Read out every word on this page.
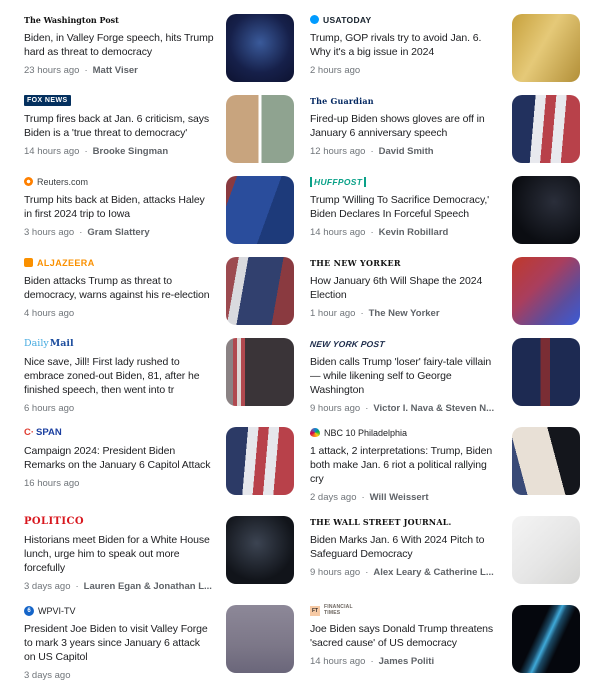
The Washington Post
Biden, in Valley Forge speech, hits Trump hard as threat to democracy
23 hours ago · Matt Viser
USATODAY
Trump, GOP rivals try to avoid Jan. 6. Why it's a big issue in 2024
2 hours ago
FOX NEWS
Trump fires back at Jan. 6 criticism, says Biden is a 'true threat to democracy'
14 hours ago · Brooke Singman
The Guardian
Fired-up Biden shows gloves are off in January 6 anniversary speech
12 hours ago · David Smith
Reuters.com
Trump hits back at Biden, attacks Haley in first 2024 trip to Iowa
3 hours ago · Gram Slattery
HUFFPOST
Trump 'Willing To Sacrifice Democracy,' Biden Declares In Forceful Speech
14 hours ago · Kevin Robillard
ALJAZEERA
Biden attacks Trump as threat to democracy, warns against his re-election
4 hours ago
THE NEW YORKER
How January 6th Will Shape the 2024 Election
1 hour ago · The New Yorker
Daily Mail
Nice save, Jill! First lady rushed to embrace zoned-out Biden, 81, after he finished speech, then went into tr
6 hours ago
NEW YORK POST
Biden calls Trump 'loser' fairy-tale villain — while likening self to George Washington
9 hours ago · Victor I. Nava & Steven N...
C· SPAN
Campaign 2024: President Biden Remarks on the January 6 Capitol Attack
16 hours ago
NBC 10 Philadelphia
1 attack, 2 interpretations: Trump, Biden both make Jan. 6 riot a political rallying cry
2 days ago · Will Weissert
POLITICO
Historians meet Biden for a White House lunch, urge him to speak out more forcefully
3 days ago · Lauren Egan & Jonathan L...
THE WALL STREET JOURNAL.
Biden Marks Jan. 6 With 2024 Pitch to Safeguard Democracy
9 hours ago · Alex Leary & Catherine L...
6 WPVI-TV
President Joe Biden to visit Valley Forge to mark 3 years since January 6 attack on US Capitol
3 days ago
FT
FINANCIAL TIMES
Joe Biden says Donald Trump threatens 'sacred cause' of US democracy
14 hours ago · James Politi
